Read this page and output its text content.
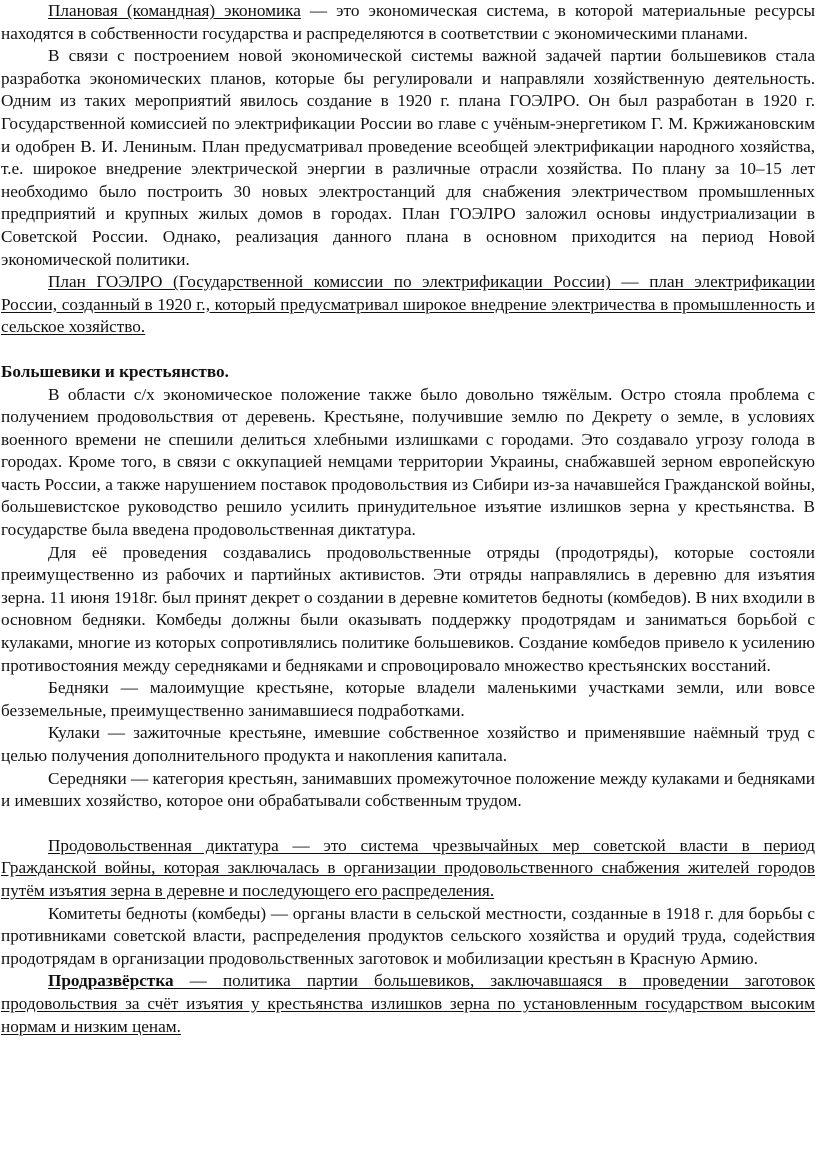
Плановая (командная) экономика — это экономическая система, в которой материальные ресурсы находятся в собственности государства и распределяются в соответствии с экономическими планами.

В связи с построением новой экономической системы важной задачей партии большевиков стала разработка экономических планов, которые бы регулировали и направляли хозяйственную деятельность. Одним из таких мероприятий явилось создание в 1920 г. плана ГОЭЛРО. Он был разработан в 1920 г. Государственной комиссией по электрификации России во главе с учёным-энергетиком Г. М. Кржижановским и одобрен В. И. Лениным. План предусматривал проведение всеобщей электрификации народного хозяйства, т.е. широкое внедрение электрической энергии в различные отрасли хозяйства. По плану за 10–15 лет необходимо было построить 30 новых электростанций для снабжения электричеством промышленных предприятий и крупных жилых домов в городах. План ГОЭЛРО заложил основы индустриализации в Советской России. Однако, реализация данного плана в основном приходится на период Новой экономической политики.

План ГОЭЛРО (Государственной комиссии по электрификации России) — план электрификации России, созданный в 1920 г., который предусматривал широкое внедрение электричества в промышленность и сельское хозяйство.

Большевики и крестьянство.

В области с/х экономическое положение также было довольно тяжёлым. Остро стояла проблема с получением продовольствия от деревень. Крестьяне, получившие землю по Декрету о земле, в условиях военного времени не спешили делиться хлебными излишками с городами. Это создавало угрозу голода в городах. Кроме того, в связи с оккупацией немцами территории Украины, снабжавшей зерном европейскую часть России, а также нарушением поставок продовольствия из Сибири из-за начавшейся Гражданской войны, большевистское руководство решило усилить принудительное изъятие излишков зерна у крестьянства. В государстве была введена продовольственная диктатура.

Для её проведения создавались продовольственные отряды (продотряды), которые состояли преимущественно из рабочих и партийных активистов. Эти отряды направлялись в деревню для изъятия зерна. 11 июня 1918г. был принят декрет о создании в деревне комитетов бедноты (комбедов). В них входили в основном бедняки. Комбеды должны были оказывать поддержку продотрядам и заниматься борьбой с кулаками, многие из которых сопротивлялись политике большевиков. Создание комбедов привело к усилению противостояния между середняками и бедняками и спровоцировало множество крестьянских восстаний.

Бедняки — малоимущие крестьяне, которые владели маленькими участками земли, или вовсе безземельные, преимущественно занимавшиеся подработками.

Кулаки — зажиточные крестьяне, имевшие собственное хозяйство и применявшие наёмный труд с целью получения дополнительного продукта и накопления капитала.

Середняки — категория крестьян, занимавших промежуточное положение между кулаками и бедняками и имевших хозяйство, которое они обрабатывали собственным трудом.

Продовольственная диктатура — это система чрезвычайных мер советской власти в период Гражданской войны, которая заключалась в организации продовольственного снабжения жителей городов путём изъятия зерна в деревне и последующего его распределения.

Комитеты бедноты (комбеды) — органы власти в сельской местности, созданные в 1918 г. для борьбы с противниками советской власти, распределения продуктов сельского хозяйства и орудий труда, содействия продотрядам в организации продовольственных заготовок и мобилизации крестьян в Красную Армию.

Продразвёрстка — политика партии большевиков, заключавшаяся в проведении заготовок продовольствия за счёт изъятия у крестьянства излишков зерна по установленным государством высоким нормам и низким ценам.
